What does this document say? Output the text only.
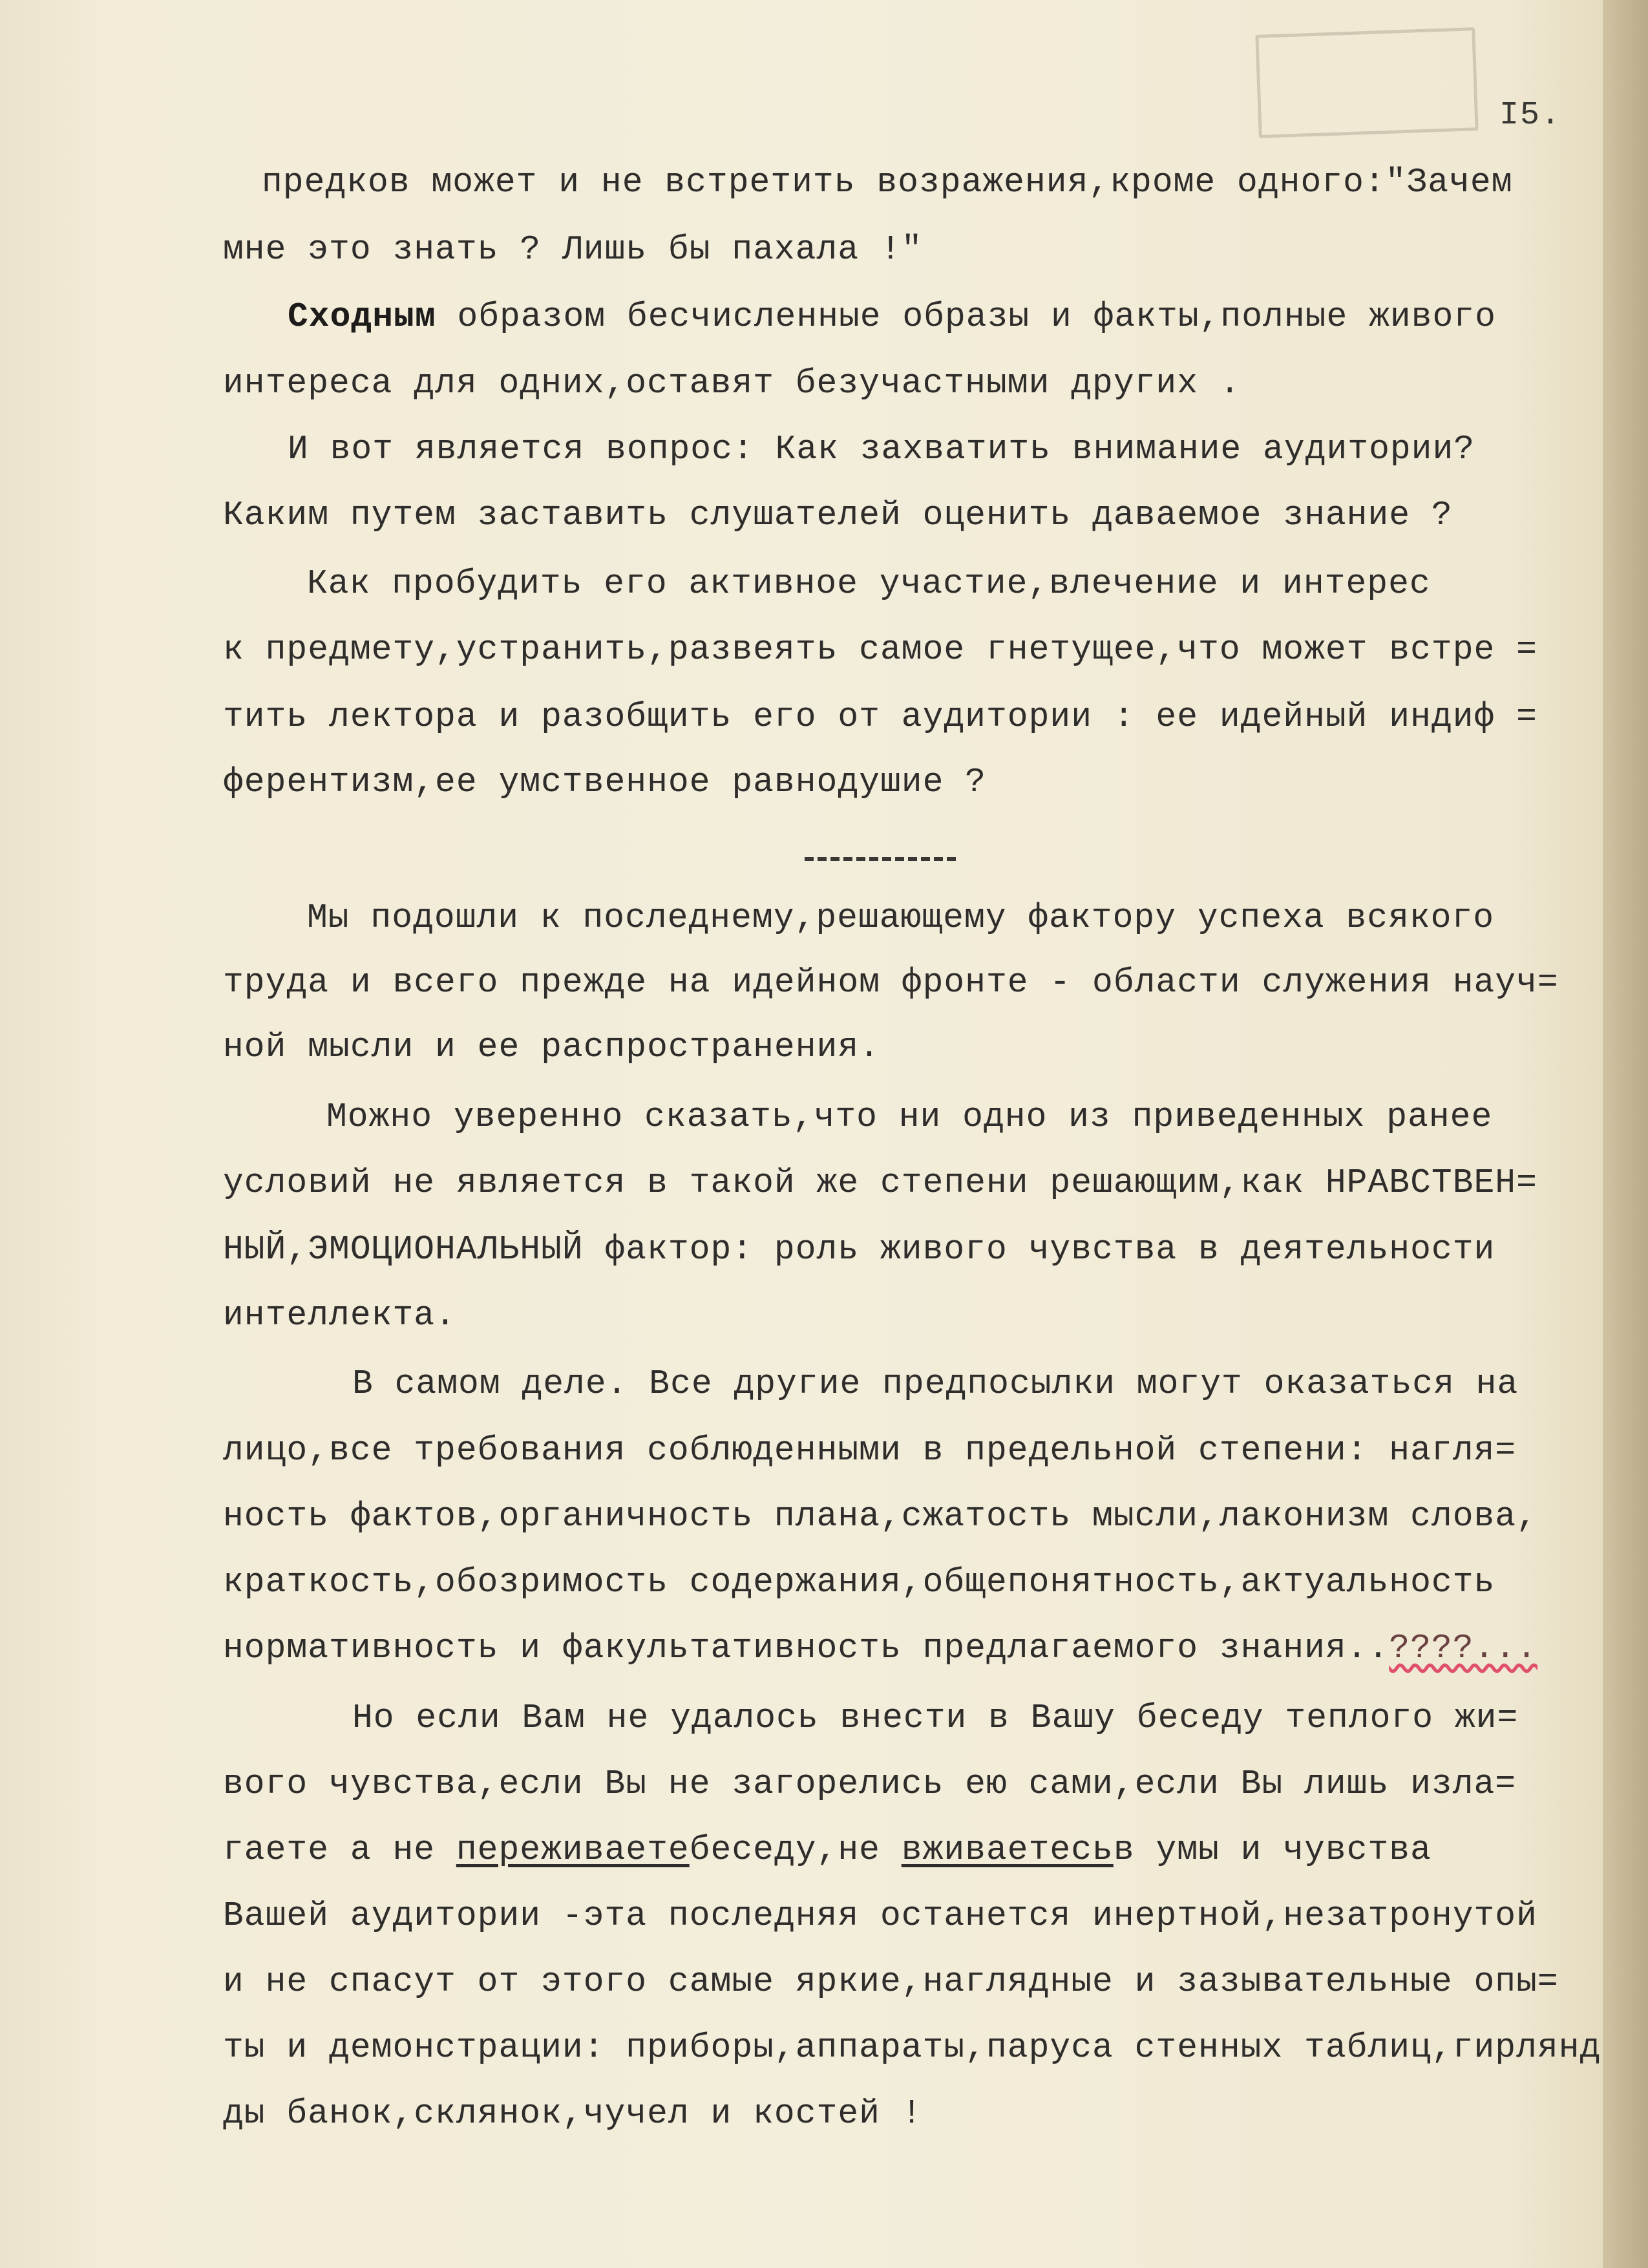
I5.
предков может и не встретить возражения,кроме одного:"Зачем
мне это знать ? Лишь бы пахала !"
Сходным образом бесчисленные образы и факты,полные живого
интереса для одних,оставят безучастными других .
И вот является вопрос: Как захватить внимание аудитории?
Каким путем заставить слушателей оценить даваемое знание ?
Как пробудить его активное участие,влечение и интерес
к предмету,устранить,развеять самое гнетущее,что может встре =
тить лектора и разобщить его от аудитории : ее идейный индиф =
ферентизм,ее умственное равнодушие ?
Мы подошли к последнему,решающему фактору успеха всякого
труда и всего прежде на идейном фронте - области служения науч=
ной мысли и ее распространения.
Можно уверенно сказать,что ни одно из приведенных ранее
условий не является в такой же степени решающим,как НРАВСТВЕН=
НЫЙ,ЭМОЦИОНАЛЬНЫЙ фактор: роль живого чувства в деятельности
интеллекта.
В самом деле. Все другие предпосылки могут оказаться на
лицо,все требования соблюденными в предельной степени: нагля=
ность фактов,органичность плана,сжатость мысли,лаконизм слова,
краткость,обозримость содержания,общепонятность,актуальность
нормативность и факультативность предлагаемого знания..????...
Но если Вам не удалось внести в Вашу беседу теплого жи=
вого чувства,если Вы не загорелись ею сами,если Вы лишь изла=
гаете а не переживаетебеседу,не вживаетесьв умы и чувства
Вашей аудитории -эта последняя останется инертной,незатронутой
и не спасут от этого самые яркие,наглядные и зазывательные опы=
ты и демонстрации: приборы,аппараты,паруса стенных таблиц,гирлянд
ды банок,склянок,чучел и костей !
